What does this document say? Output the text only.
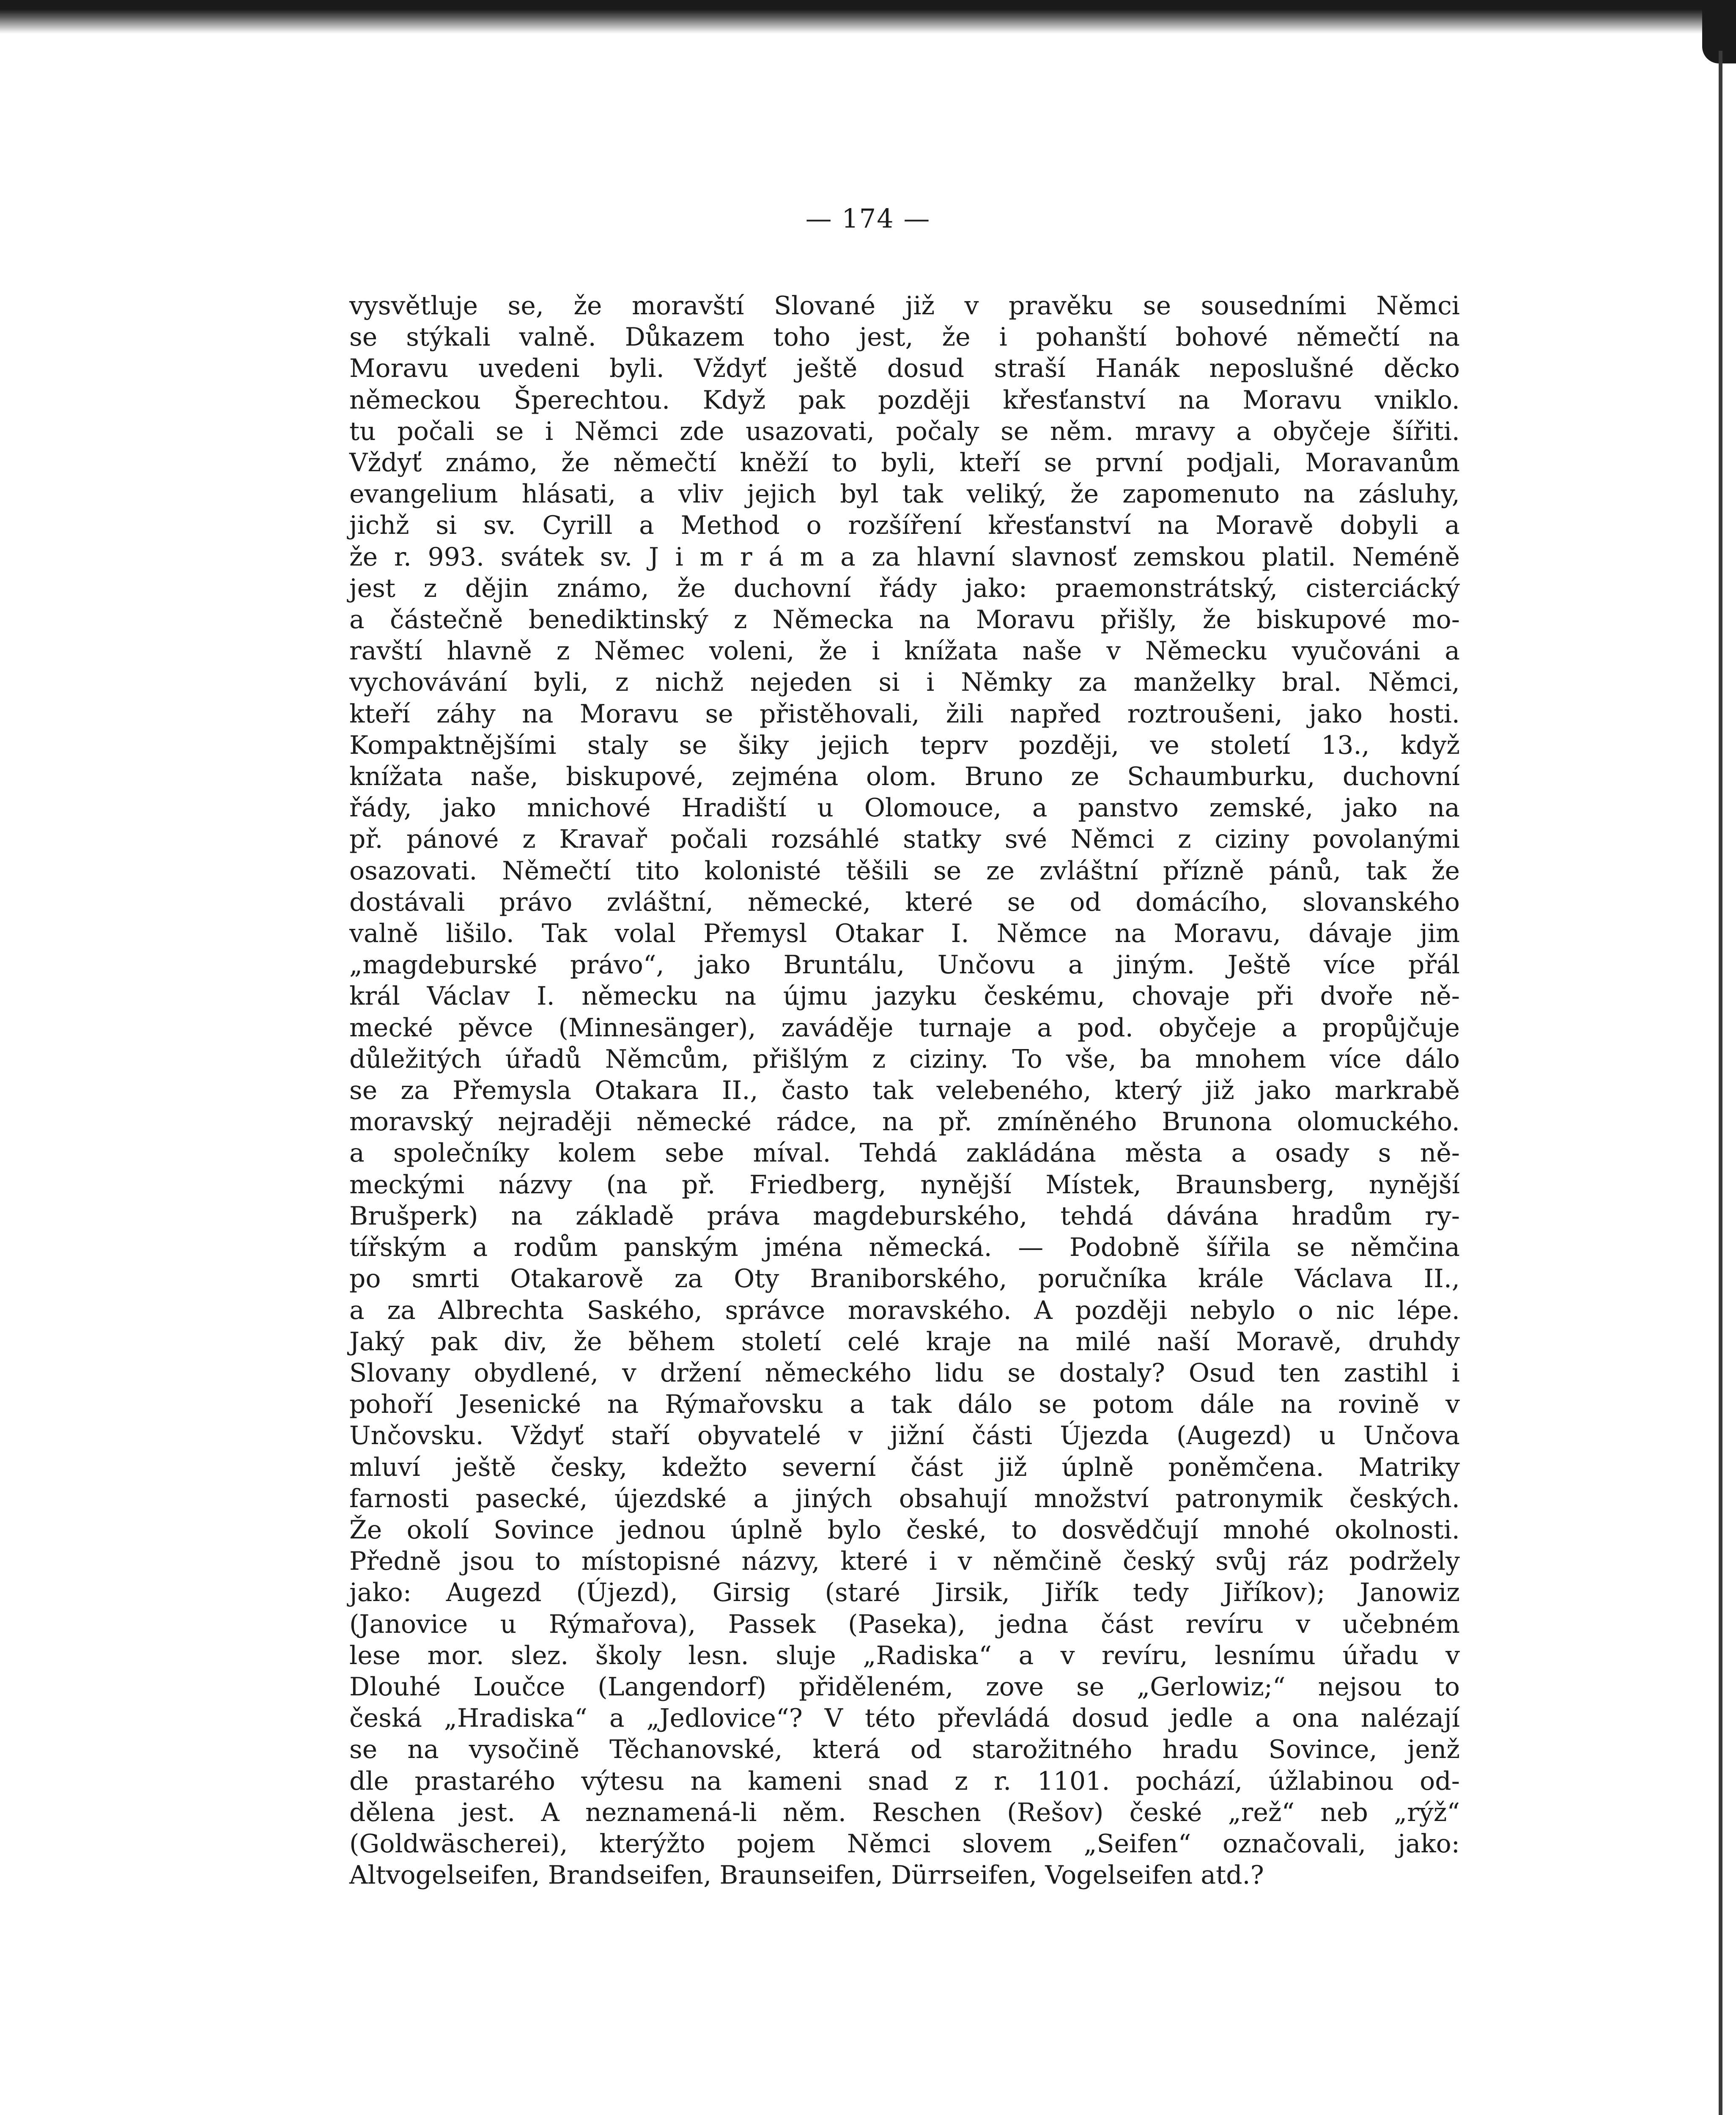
— 174 —
vysvětluje se, že moravští Slované již v pravěku se sousedními Němci
se stýkali valně. Důkazem toho jest, že i pohanští bohové němečtí na
Moravu uvedeni byli. Vždyť ještě dosud straší Hanák neposlušné děcko
německou Šperechtou. Když pak později křesťanství na Moravu vniklo.
tu počali se i Němci zde usazovati, počaly se něm. mravy a obyčeje šířiti.
Vždyť známo, že němečtí kněží to byli, kteří se první podjali, Moravanům
evangelium hlásati, a vliv jejich byl tak veliký, že zapomenuto na zásluhy,
jichž si sv. Cyrill a Method o rozšíření křesťanství na Moravě dobyli a
že r. 993. svátek sv. J i m r á m a za hlavní slavnosť zemskou platil. Neméně
jest z dějin známo, že duchovní řády jako: praemonstrátský, cisterciácký
a částečně benediktinský z Německa na Moravu přišly, že biskupové mo-
ravští hlavně z Němec voleni, že i knížata naše v Německu vyučováni a
vychovávání byli, z nichž nejeden si i Němky za manželky bral. Němci,
kteří záhy na Moravu se přistěhovali, žili napřed roztroušeni, jako hosti.
Kompaktnějšími staly se šiky jejich teprv později, ve století 13., když
knížata naše, biskupové, zejména olom. Bruno ze Schaumburku, duchovní
řády, jako mnichové Hradiští u Olomouce, a panstvo zemské, jako na
př. pánové z Kravař počali rozsáhlé statky své Němci z ciziny povolanými
osazovati. Němečtí tito kolonisté těšili se ze zvláštní přízně pánů, tak že
dostávali právo zvláštní, německé, které se od domácího, slovanského
valně lišilo. Tak volal Přemysl Otakar I. Němce na Moravu, dávaje jim
„magdeburské právo“, jako Bruntálu, Unčovu a jiným. Ještě více přál
král Václav I. německu na újmu jazyku českému, chovaje při dvoře ně-
mecké pěvce (Minnesänger), zaváděje turnaje a pod. obyčeje a propůjčuje
důležitých úřadů Němcům, přišlým z ciziny. To vše, ba mnohem více dálo
se za Přemysla Otakara II., často tak velebeného, který již jako markrabě
moravský nejraději německé rádce, na př. zmíněného Brunona olomuckého.
a společníky kolem sebe míval. Tehdá zakládána města a osady s ně-
meckými názvy (na př. Friedberg, nynější Místek, Braunsberg, nynější
Brušperk) na základě práva magdeburského, tehdá dávána hradům ry-
tířským a rodům panským jména německá. — Podobně šířila se němčina
po smrti Otakarově za Oty Braniborského, poručníka krále Václava II.,
a za Albrechta Saského, správce moravského. A později nebylo o nic lépe.
Jaký pak div, že během století celé kraje na milé naší Moravě, druhdy
Slovany obydlené, v držení německého lidu se dostaly? Osud ten zastihl i
pohoří Jesenické na Rýmařovsku a tak dálo se potom dále na rovině v
Unčovsku. Vždyť staří obyvatelé v jižní části Újezda (Augezd) u Unčova
mluví ještě česky, kdežto severní část již úplně poněmčena. Matriky
farnosti pasecké, újezdské a jiných obsahují množství patronymik českých.
Že okolí Sovince jednou úplně bylo české, to dosvědčují mnohé okolnosti.
Předně jsou to místopisné názvy, které i v němčině český svůj ráz podržely
jako: Augezd (Újezd), Girsig (staré Jirsik, Jiřík tedy Jiříkov); Janowiz
(Janovice u Rýmařova), Passek (Paseka), jedna část revíru v učebném
lese mor. slez. školy lesn. sluje „Radiska“ a v revíru, lesnímu úřadu v
Dlouhé Loučce (Langendorf) přiděleném, zove se „Gerlowiz;“ nejsou to
česká „Hradiska“ a „Jedlovice“? V této převládá dosud jedle a ona nalézají
se na vysočině Těchanovské, která od starožitného hradu Sovince, jenž
dle prastarého výtesu na kameni snad z r. 1101. pochází, úžlabinou od-
dělena jest. A neznamená-li něm. Reschen (Rešov) české „rež“ neb „rýž“
(Goldwäscherei), kterýžto pojem Němci slovem „Seifen“ označovali, jako:
Altvogelseifen, Brandseifen, Braunseifen, Dürrseifen, Vogelseifen atd.?
